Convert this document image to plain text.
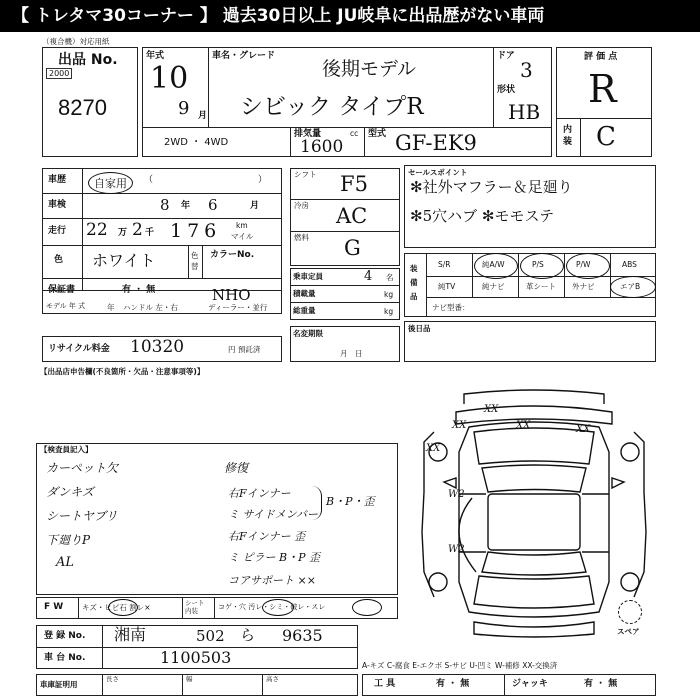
【 トレタマ30コーナー 】 過去30日以上 JU岐阜に出品歴がない車両
（複合機）対応用紙
出品 No.
2000
8270
年式
10
9 月
車名・グレード
後期モデル
シビック タイプR
ドア
3
形状
HB
2WD ・ 4WD
排気量
1600
cc 型式 GF-EK9
評 価 点
R
内装 C
車歴	自家用	（	）
車検	8 年 6	月
走行 22 万 2 千 176 km
マイル
色 ホワイト	色替
カラーNo.
保証書	有 ・ 無	NHO
モデル 年 式	年 ハンドル 左・右	ディーラー・並行
リサイクル料金 10320	円 預託済
【出品店申告欄(不良箇所・欠品・注意事項等)】
シフト F5
冷房 AC
燃料 G
乗車定員	4 名
積載量	kg
総重量	kg
名変期限
月　日
セールスポイント
✻社外マフラー＆足廻り
✻5穴ハブ ✻モモステ
装備品
S/R	純A/W	P/S	P/W	ABS
純TV	純ナビ	革シート 外ナビ	エアB
ナビ型番：
後日品
【検査員記入】
カーペット欠
ダンキズ
シートヤブリ
下廻りP
AL
修復
右Fインナー
ミ サイドメンバー
右Fインナー 歪
ミ ピラー B・P 歪
コアサポート ××
B・P・歪
XX
XX
XX
XX
XX
W2
W2
スペア
F W	キズ・ヒビ石 割レ×	シート 内装	コゲ・穴 汚レ・シミ・破レ・スレ
登 録 No. 湘南	502 ら 9635
車 台 No.	1100503
車庫証明用
長さ	幅	高さ
A-キズ C-腐食 E-エクボ S-サビ U-凹ミ W-補修 XX-交換済
工 具	有 ・ 無	ジャッキ	有 ・ 無
